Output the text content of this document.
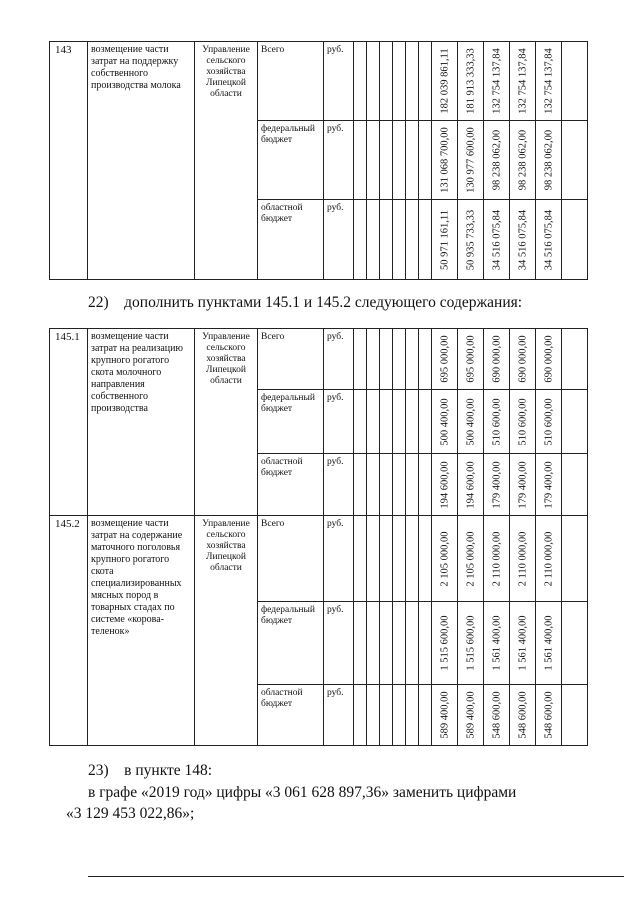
143	возмещение части затрат на поддержку собственного производства молока	Управление сельского хозяйства Липецкой области	Всего	руб.							182 039 861,11	181 913 333,33	132 754 137,84	132 754 137,84	132 754 137,84	

			федеральный бюджет	руб.							131 068 700,00	130 977 600,00	98 238 062,00	98 238 062,00	98 238 062,00	

			областной бюджет	руб.							50 971 161,11	50 935 733,33	34 516 075,84	34 516 075,84	34 516 075,84	

22)    дополнить пунктами 145.1 и 145.2 следующего содержания:
145.1	возмещение части затрат на реализацию крупного рогатого скота молочного направления собственного производства	Управление сельского хозяйства Липецкой области	Всего	руб.							695 000,00	695 000,00	690 000,00	690 000,00	690 000,00	

			федеральный бюджет	руб.							500 400,00	500 400,00	510 600,00	510 600,00	510 600,00	

			областной бюджет	руб.							194 600,00	194 600,00	179 400,00	179 400,00	179 400,00	

145.2	возмещение части затрат на содержание маточного поголовья крупного рогатого скота специализированных мясных пород в товарных стадах по системе «корова-теленок»	Управление сельского хозяйства Липецкой области	Всего	руб.							2 105 000,00	2 105 000,00	2 110 000,00	2 110 000,00	2 110 000,00	

			федеральный бюджет	руб.							1 515 600,00	1 515 600,00	1 561 400,00	1 561 400,00	1 561 400,00	

			областной бюджет	руб.							589 400,00	589 400,00	548 600,00	548 600,00	548 600,00	

23)    в пункте 148:
в графе «2019 год» цифры «3 061 628 897,36» заменить цифрами
«3 129 453 022,86»;
